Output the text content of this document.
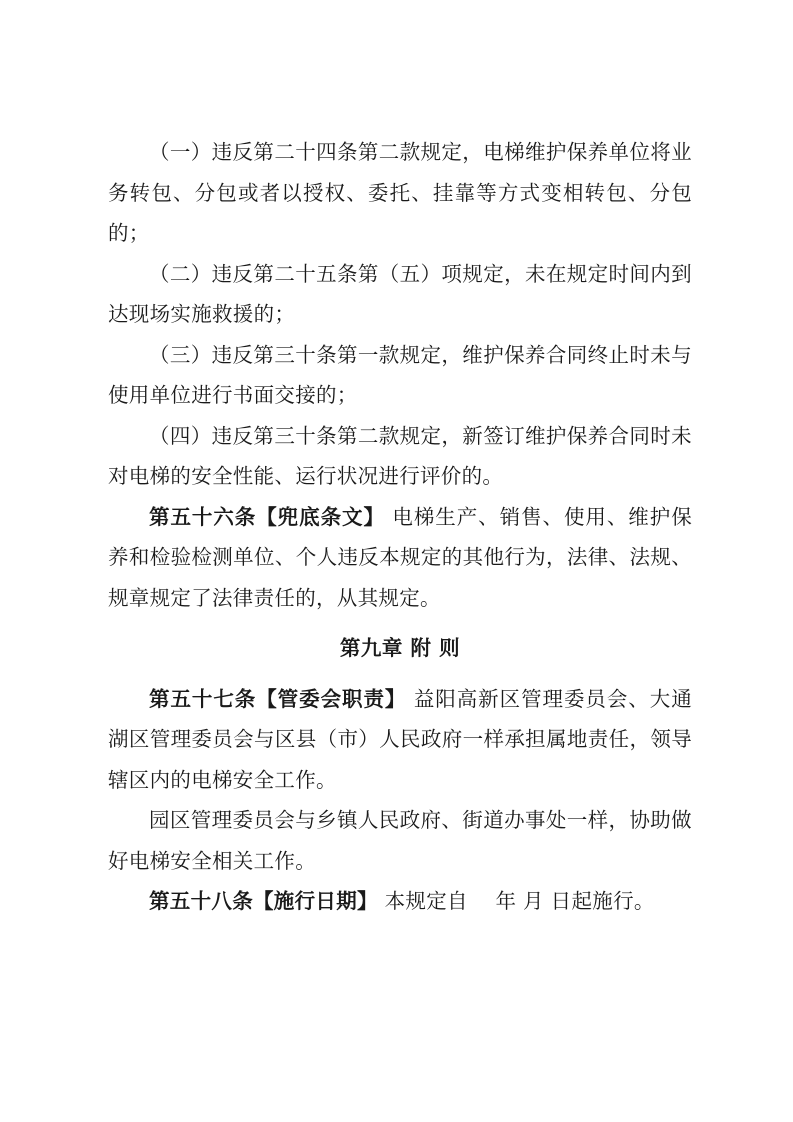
（一）违反第二十四条第二款规定，电梯维护保养单位将业务转包、分包或者以授权、委托、挂靠等方式变相转包、分包的；

（二）违反第二十五条第（五）项规定，未在规定时间内到达现场实施救援的；

（三）违反第三十条第一款规定，维护保养合同终止时未与使用单位进行书面交接的；

（四）违反第三十条第二款规定，新签订维护保养合同时未对电梯的安全性能、运行状况进行评价的。

第五十六条【兜底条文】 电梯生产、销售、使用、维护保养和检验检测单位、个人违反本规定的其他行为，法律、法规、规章规定了法律责任的，从其规定。

第九章 附 则

第五十七条【管委会职责】 益阳高新区管理委员会、大通湖区管理委员会与区县（市）人民政府一样承担属地责任，领导辖区内的电梯安全工作。

园区管理委员会与乡镇人民政府、街道办事处一样，协助做好电梯安全相关工作。

第五十八条【施行日期】 本规定自　 年 月 日起施行。
